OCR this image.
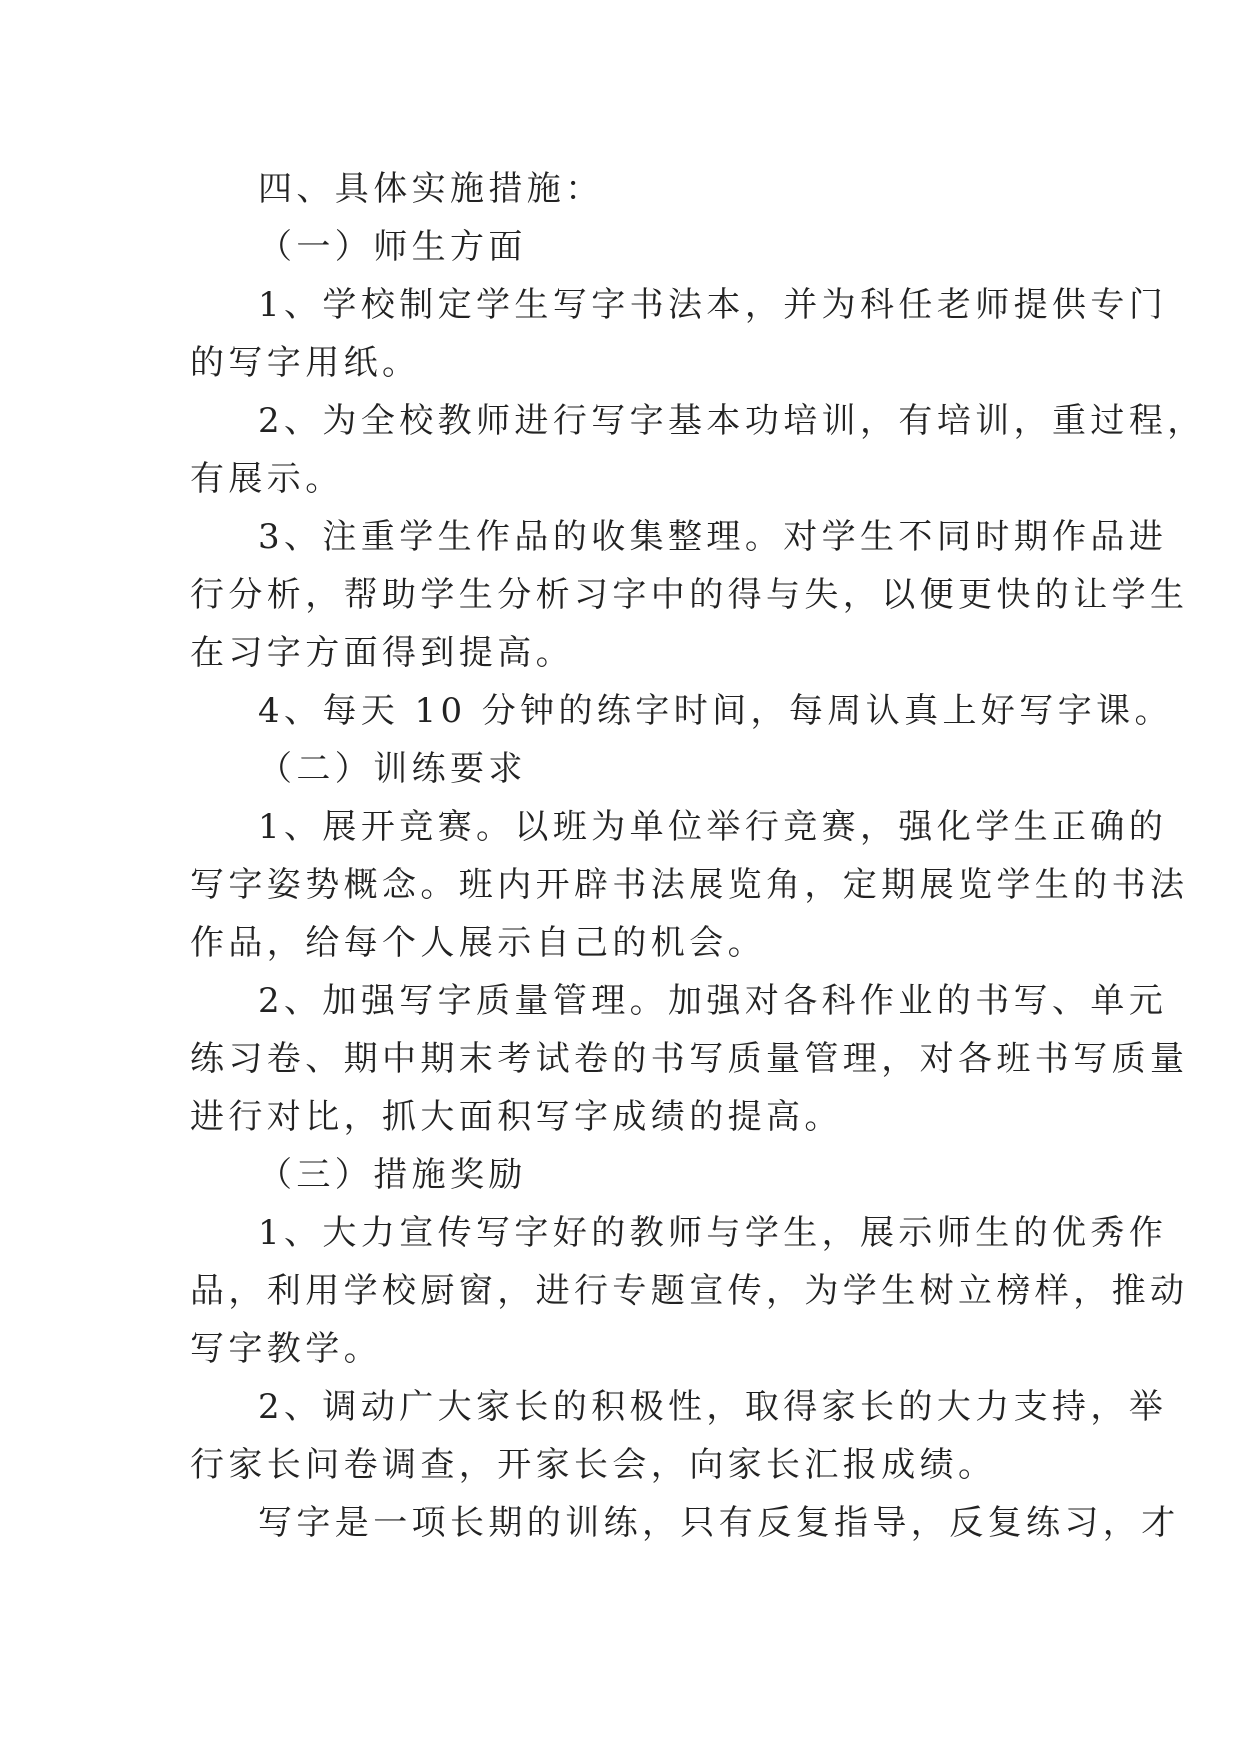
四、具体实施措施：
（一）师生方面
1、学校制定学生写字书法本，并为科任老师提供专门
的写字用纸。
2、为全校教师进行写字基本功培训，有培训，重过程，
有展示。
3、注重学生作品的收集整理。对学生不同时期作品进
行分析，帮助学生分析习字中的得与失，以便更快的让学生
在习字方面得到提高。
4、每天 10 分钟的练字时间，每周认真上好写字课。
（二）训练要求
1、展开竞赛。以班为单位举行竞赛，强化学生正确的
写字姿势概念。班内开辟书法展览角，定期展览学生的书法
作品，给每个人展示自己的机会。
2、加强写字质量管理。加强对各科作业的书写、单元
练习卷、期中期末考试卷的书写质量管理，对各班书写质量
进行对比，抓大面积写字成绩的提高。
（三）措施奖励
1、大力宣传写字好的教师与学生，展示师生的优秀作
品，利用学校厨窗，进行专题宣传，为学生树立榜样，推动
写字教学。
2、调动广大家长的积极性，取得家长的大力支持，举
行家长问卷调查，开家长会，向家长汇报成绩。
写字是一项长期的训练，只有反复指导，反复练习，才
